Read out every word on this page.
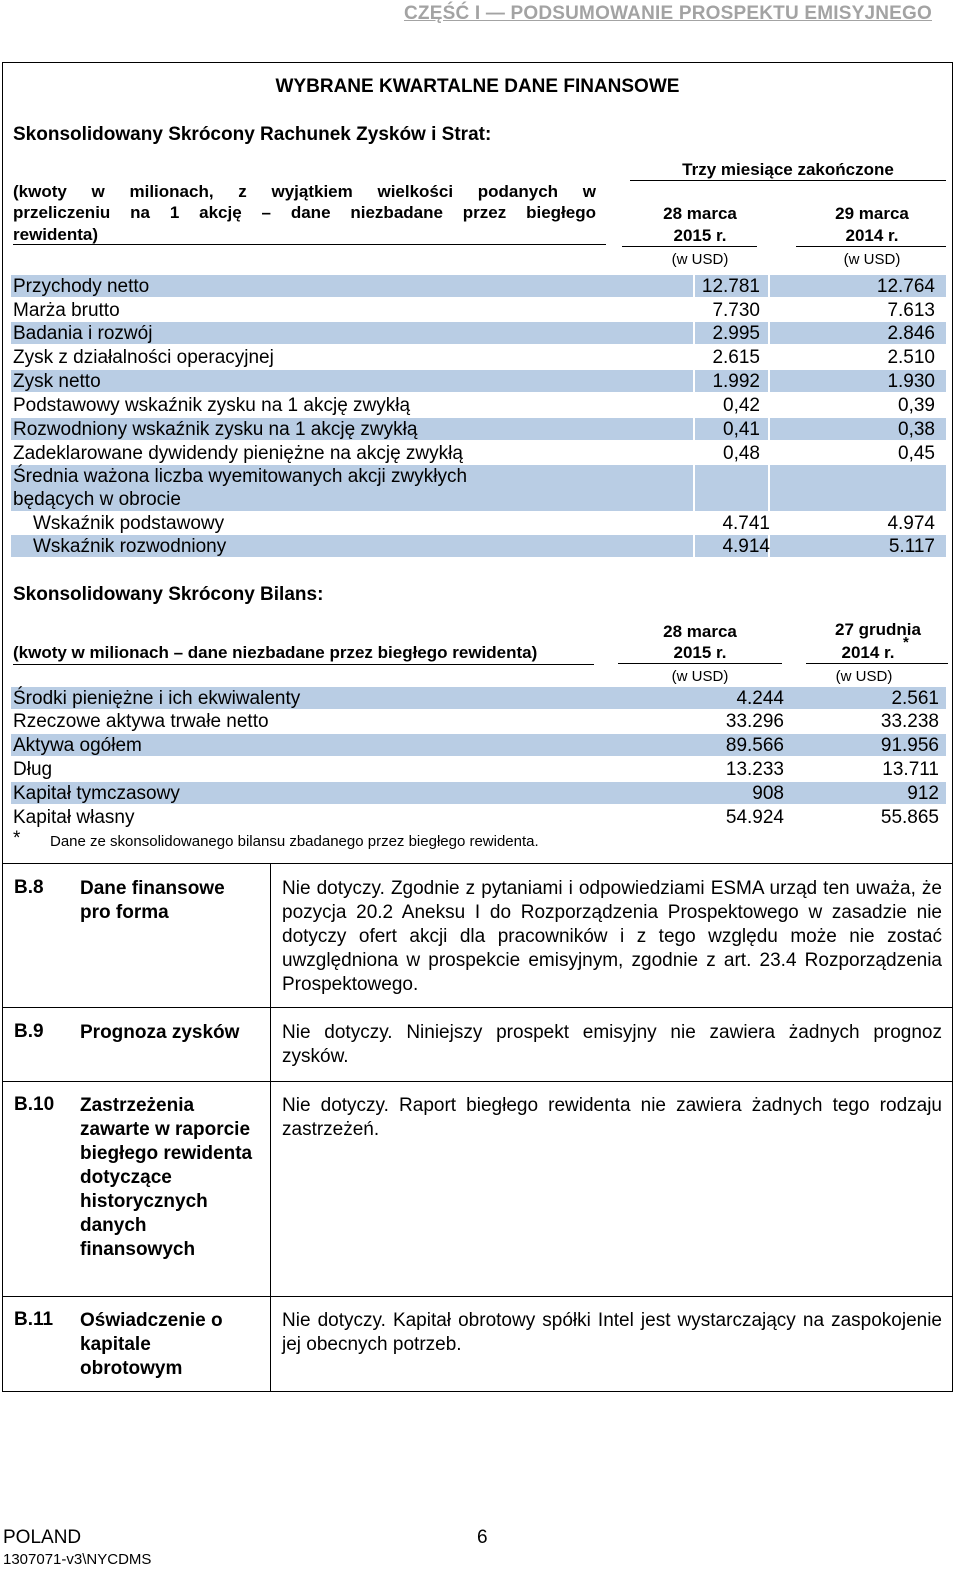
CZĘŚĆ I — PODSUMOWANIE PROSPEKTU EMISYJNEGO
WYBRANE KWARTALNE DANE FINANSOWE
Skonsolidowany Skrócony Rachunek Zysków i Strat:
(kwoty w milionach, z wyjątkiem wielkości podanych w
przeliczeniu na 1 akcję – dane niezbadane przez biegłego
rewidenta)
Trzy miesiące zakończone
28 marca
2015 r.
(w USD)
29 marca
2014 r.
(w USD)
Przychody netto	12.781	12.764
Marża brutto	7.730	7.613
Badania i rozwój	2.995	2.846
Zysk z działalności operacyjnej	2.615	2.510
Zysk netto	1.992	1.930
Podstawowy wskaźnik zysku na 1 akcję zwykłą	0,42	0,39
Rozwodniony wskaźnik zysku na 1 akcję zwykłą	0,41	0,38
Zadeklarowane dywidendy pieniężne na akcję zwykłą	0,48	0,45
Średnia ważona liczba wyemitowanych akcji zwykłych
będących w obrocie
Wskaźnik podstawowy	4.741	4.974
Wskaźnik rozwodniony	4.914	5.117
Skonsolidowany Skrócony Bilans:
(kwoty w milionach – dane niezbadane przez biegłego rewidenta)
28 marca
2015 r.
(w USD)
27 grudnia
2014 r.
*
(w USD)
Środki pieniężne i ich ekwiwalenty	4.244	2.561
Rzeczowe aktywa trwałe netto	33.296	33.238
Aktywa ogółem	89.566	91.956
Dług	13.233	13.711
Kapitał tymczasowy	908	912
Kapitał własny	54.924	55.865
* Dane ze skonsolidowanego bilansu zbadanego przez biegłego rewidenta.
B.8 Dane finansowe pro forma
Nie dotyczy. Zgodnie z pytaniami i odpowiedziami ESMA urząd ten uważa, że pozycja 20.2 Aneksu I do Rozporządzenia Prospektowego w zasadzie nie dotyczy ofert akcji dla pracowników i z tego względu może nie zostać uwzględniona w prospekcie emisyjnym, zgodnie z art. 23.4 Rozporządzenia Prospektowego.
B.9 Prognoza zysków	Nie dotyczy. Niniejszy prospekt emisyjny nie zawiera żadnych prognoz zysków.
B.10 Zastrzeżenia zawarte w raporcie biegłego rewidenta dotyczące historycznych danych finansowych
Nie dotyczy. Raport biegłego rewidenta nie zawiera żadnych tego rodzaju zastrzeżeń.
B.11 Oświadczenie o kapitale obrotowym
Nie dotyczy. Kapitał obrotowy spółki Intel jest wystarczający na zaspokojenie jej obecnych potrzeb.
POLAND	6
1307071-v3\NYCDMS
